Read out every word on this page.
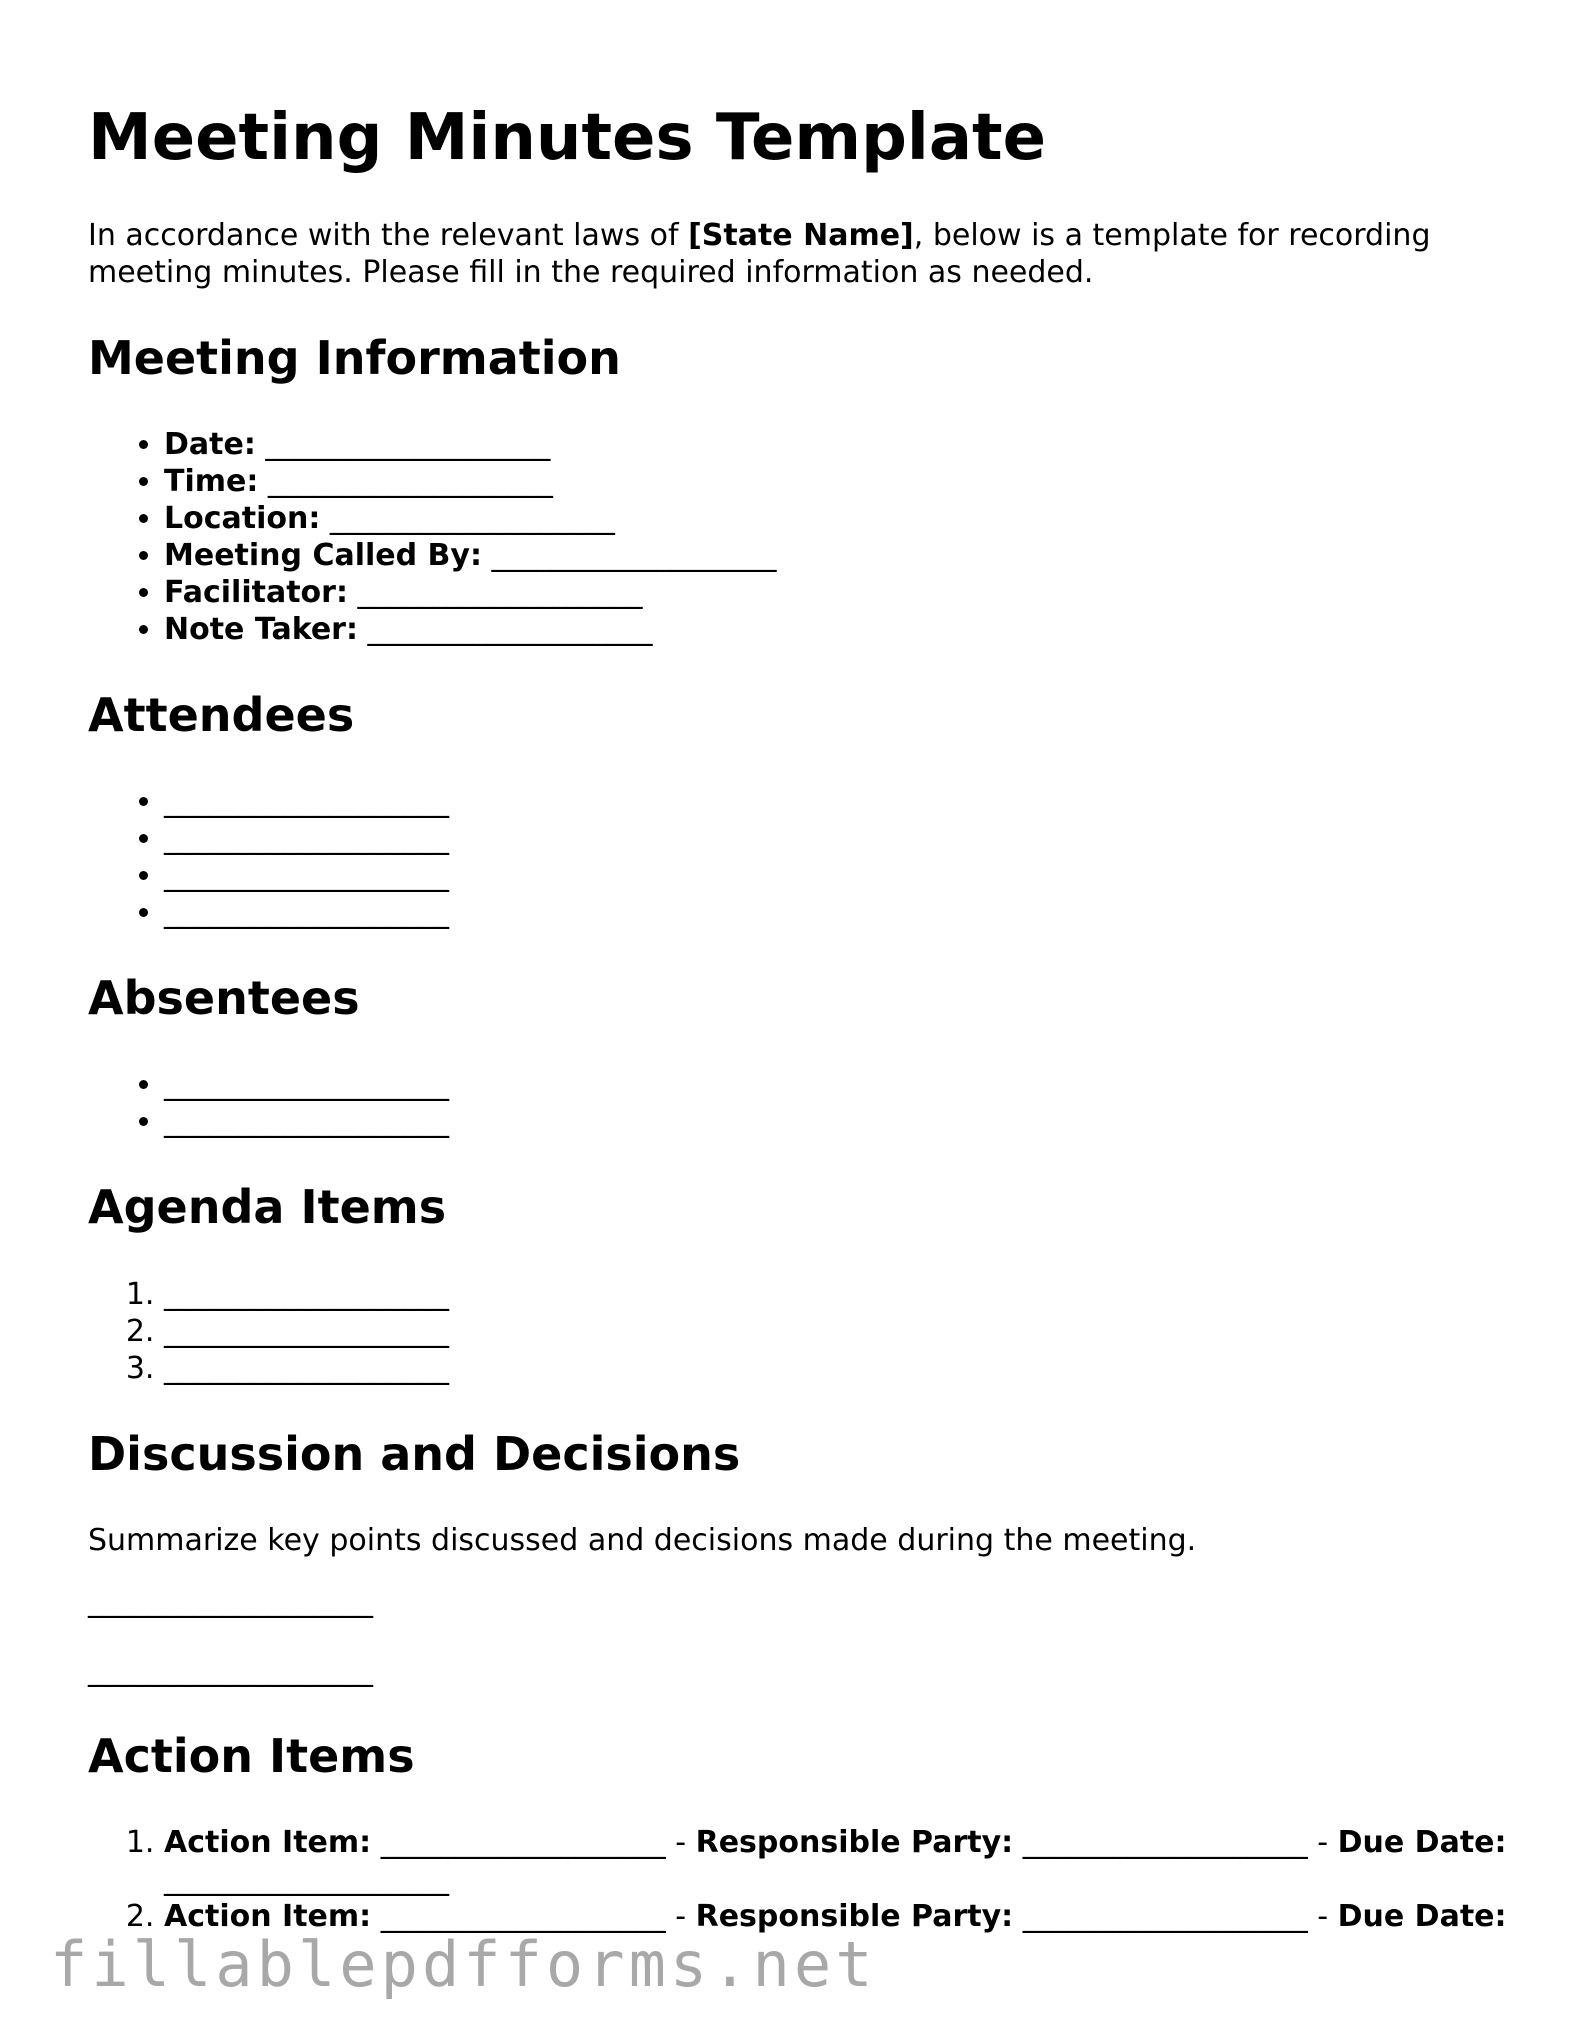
Meeting Minutes Template

In accordance with the relevant laws of [State Name], below is a template for recording meeting minutes. Please fill in the required information as needed.

Meeting Information
• Date: ___________________
• Time: ___________________
• Location: ___________________
• Meeting Called By: ___________________
• Facilitator: ___________________
• Note Taker: ___________________
Attendees
• ___________________
• ___________________
• ___________________
• ___________________
Absentees
• ___________________
• ___________________
Agenda Items
1. ___________________
2. ___________________
3. ___________________
Discussion and Decisions

Summarize key points discussed and decisions made during the meeting.

___________________

___________________

Action Items
1. Action Item: ___________________ - Responsible Party: ___________________ - Due Date: ___________________
2. Action Item: ___________________ - Responsible Party: ___________________ - Due Date:
fillablepdfforms.net
